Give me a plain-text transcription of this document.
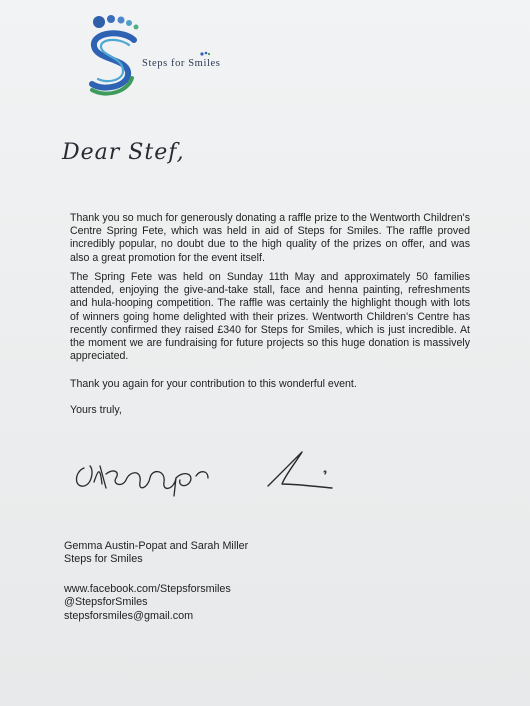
Steps for Smiles
Dear Stef,

Thank you so much for generously donating a raffle prize to the Wentworth Children's Centre Spring Fete, which was held in aid of Steps for Smiles. The raffle proved incredibly popular, no doubt due to the high quality of the prizes on offer, and was also a great promotion for the event itself.

The Spring Fete was held on Sunday 11th May and approximately 50 families attended, enjoying the give-and-take stall, face and henna painting, refreshments and hula-hooping competition. The raffle was certainly the highlight though with lots of winners going home delighted with their prizes. Wentworth Children's Centre has recently confirmed they raised £340 for Steps for Smiles, which is just incredible. At the moment we are fundraising for future projects so this huge donation is massively appreciated.

Thank you again for your contribution to this wonderful event.

Yours truly,

Gemma Austin-Popat and Sarah Miller
Steps for Smiles
www.facebook.com/Stepsforsmiles
@StepsforSmiles
stepsforsmiles@gmail.com
